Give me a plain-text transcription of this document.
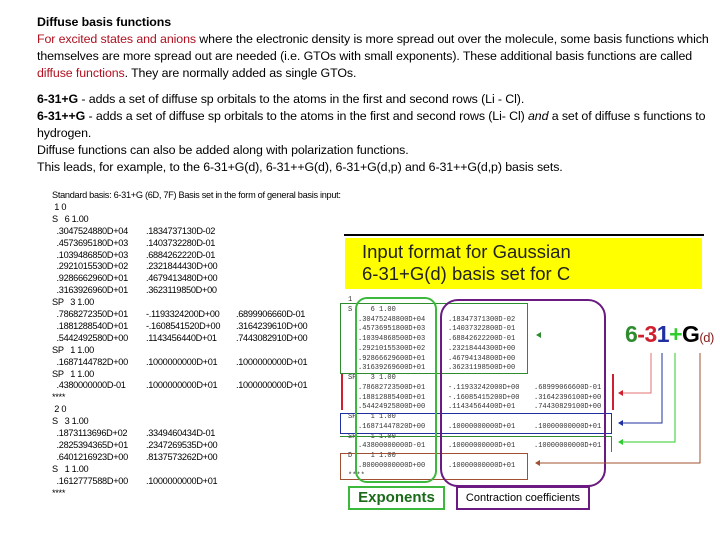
Diffuse basis functions
For excited states and anions where the electronic density is more spread out over the molecule, some basis functions which themselves are more spread out are needed (i.e. GTOs with small exponents). These additional basis functions are called diffuse functions. They are normally added as single GTOs.
6-31+G - adds a set of diffuse sp orbitals to the atoms in the first and second rows (Li - Cl).
6-31++G - adds a set of diffuse sp orbitals to the atoms in the first and second rows (Li- Cl) and a set of diffuse s functions to hydrogen.
Diffuse functions can also be added along with polarization functions.
This leads, for example, to the 6-31+G(d), 6-31++G(d), 6-31+G(d,p) and 6-31++G(d,p) basis sets.
Standard basis: 6-31+G (6D, 7F) Basis set in the form of general basis input:
1 0
S   6 1.00
.3047524880D+04 .1834737130D-02
.4573695180D+03 .1403732280D-01
.1039486850D+03 .6884262220D-01
.2921015530D+02 .2321844430D+00
.9286662960D+01 .4679413480D+00
.3163926960D+01 .3623119850D+00
SP   3 1.00
.7868272350D+01 -.1193324200D+00 .6899906660D-01
.1881288540D+01 -.1608541520D+00 .3164239610D+00
.5442492580D+00 .1143456440D+01 .7443082910D+00
SP   1 1.00
.1687144782D+00 .1000000000D+01 .1000000000D+01
SP   1 1.00
.4380000000D-01 .1000000000D+01 .1000000000D+01
****
2 0
S   3 1.00
.1873113696D+02 .3349460434D-01
.2825394365D+01 .2347269535D+00
.6401216923D+00 .8137573262D+00
S   1 1.00
.1612777588D+00 .1000000000D+01
****
Input format for Gaussian
6-31+G(d) basis set for C
1
S 6 1.00
.30475248800D+04	.18347371300D-02
.45736951800D+03	.14037322800D-01
.10394868500D+03	.68842622200D-01
.29210155300D+02	.23218444300D+00
.92866629600D+01	.46794134800D+00
.31639269600D+01	.36231198500D+00
SP 3 1.00
.78682723500D+01	-.11933242000D+00 .68999066600D-01
.18812885400D+01	-.16085415200D+00 .31642396100D+00
.54424925800D+00	.11434564400D+01	.74430829100D+00
SP 1 1.00
.16871447820D+00	.10000000000D+01	.10000000000D+01
SP 1 1.00
.43800000000D-01	.10000000000D+01	.10000000000D+01
D 1 1.00
.80000000000D+00	.10000000000D+01
****
Exponents	Contraction coefficients
6-31+G(d)
